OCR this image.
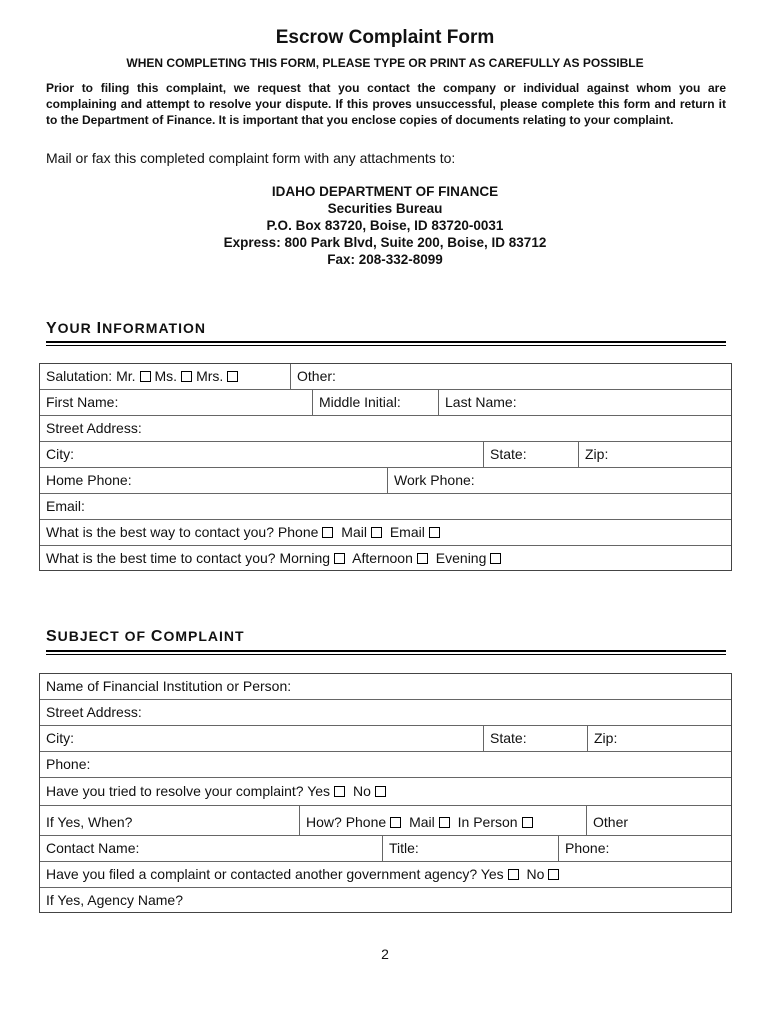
Escrow Complaint Form
WHEN COMPLETING THIS FORM, PLEASE TYPE OR PRINT AS CAREFULLY AS POSSIBLE
Prior to filing this complaint, we request that you contact the company or individual against whom you are complaining and attempt to resolve your dispute. If this proves unsuccessful, please complete this form and return it to the Department of Finance. It is important that you enclose copies of documents relating to your complaint.
Mail or fax this completed complaint form with any attachments to:
IDAHO DEPARTMENT OF FINANCE
Securities Bureau
P.O. Box 83720, Boise, ID 83720-0031
Express: 800 Park Blvd, Suite 200, Boise, ID 83712
Fax: 208-332-8099
YOUR INFORMATION
Salutation: Mr. Ms. Mrs.	Other:
First Name:	Middle Initial:	Last Name:
Street Address:
City:	State:	Zip:
Home Phone:	Work Phone:
Email:
What is the best way to contact you? Phone Mail Email
What is the best time to contact you? Morning Afternoon Evening
SUBJECT OF COMPLAINT
Name of Financial Institution or Person:
Street Address:
City:	State:	Zip:
Phone:
Have you tried to resolve your complaint? Yes No
If Yes, When?	How? Phone Mail In Person	Other
Contact Name:	Title:	Phone:
Have you filed a complaint or contacted another government agency? Yes No
If Yes, Agency Name?
2
